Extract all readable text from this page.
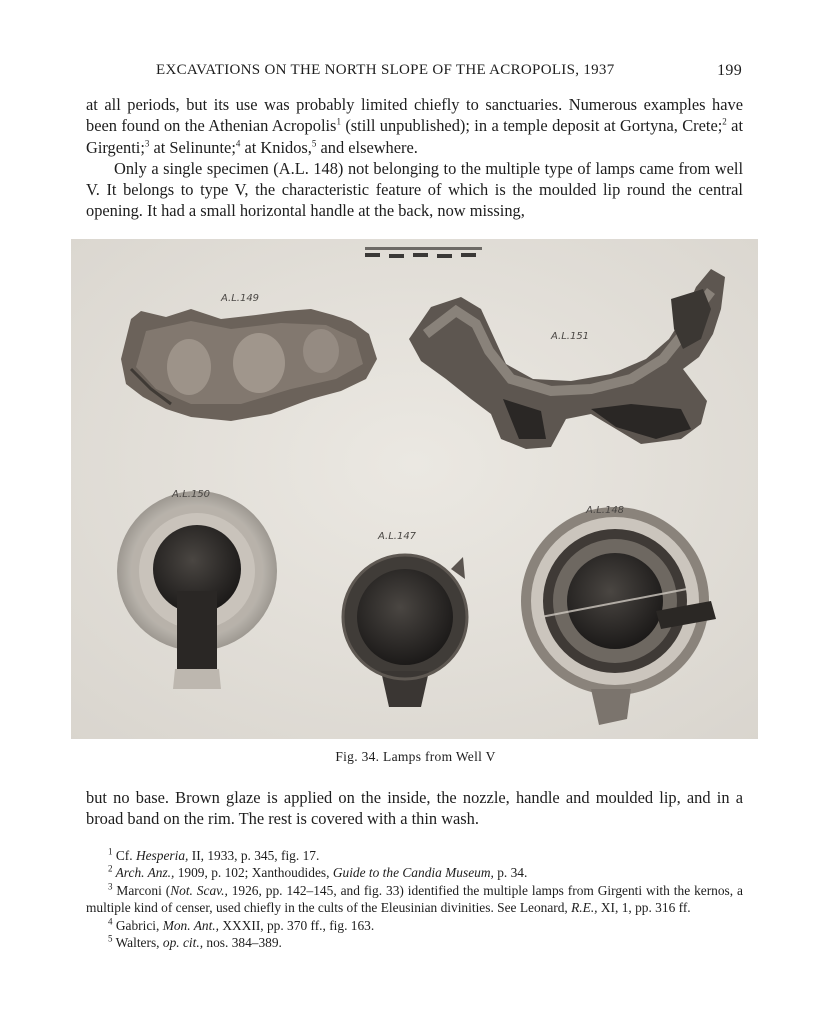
EXCAVATIONS ON THE NORTH SLOPE OF THE ACROPOLIS, 1937	199

at all periods, but its use was probably limited chiefly to sanctuaries. Numerous examples have been found on the Athenian Acropolis$^1$ (still unpublished); in a temple deposit at Gortyna, Crete;$^2$ at Girgenti;$^3$ at Selinunte;$^4$ at Knidos,$^5$ and elsewhere.

Only a single specimen (A.L. 148) not belonging to the multiple type of lamps came from well V. It belongs to type V, the characteristic feature of which is the moulded lip round the central opening. It had a small horizontal handle at the back, now missing,

A.L.149
A.L.151
A.L.150
A.L.147
A.L.148
Fig. 34. Lamps from Well V

but no base. Brown glaze is applied on the inside, the nozzle, handle and moulded lip, and in a broad band on the rim. The rest is covered with a thin wash.

$^1$ Cf. Hesperia, II, 1933, p. 345, fig. 17.

$^2$ Arch. Anz., 1909, p. 102; Xanthoudides, Guide to the Candia Museum, p. 34.

$^3$ Marconi (Not. Scav., 1926, pp. 142–145, and fig. 33) identified the multiple lamps from Girgenti with the kernos, a multiple kind of censer, used chiefly in the cults of the Eleusinian divinities. See Leonard, R.E., XI, 1, pp. 316 ff.

$^4$ Gabrici, Mon. Ant., XXXII, pp. 370 ff., fig. 163.

$^5$ Walters, op. cit., nos. 384–389.
